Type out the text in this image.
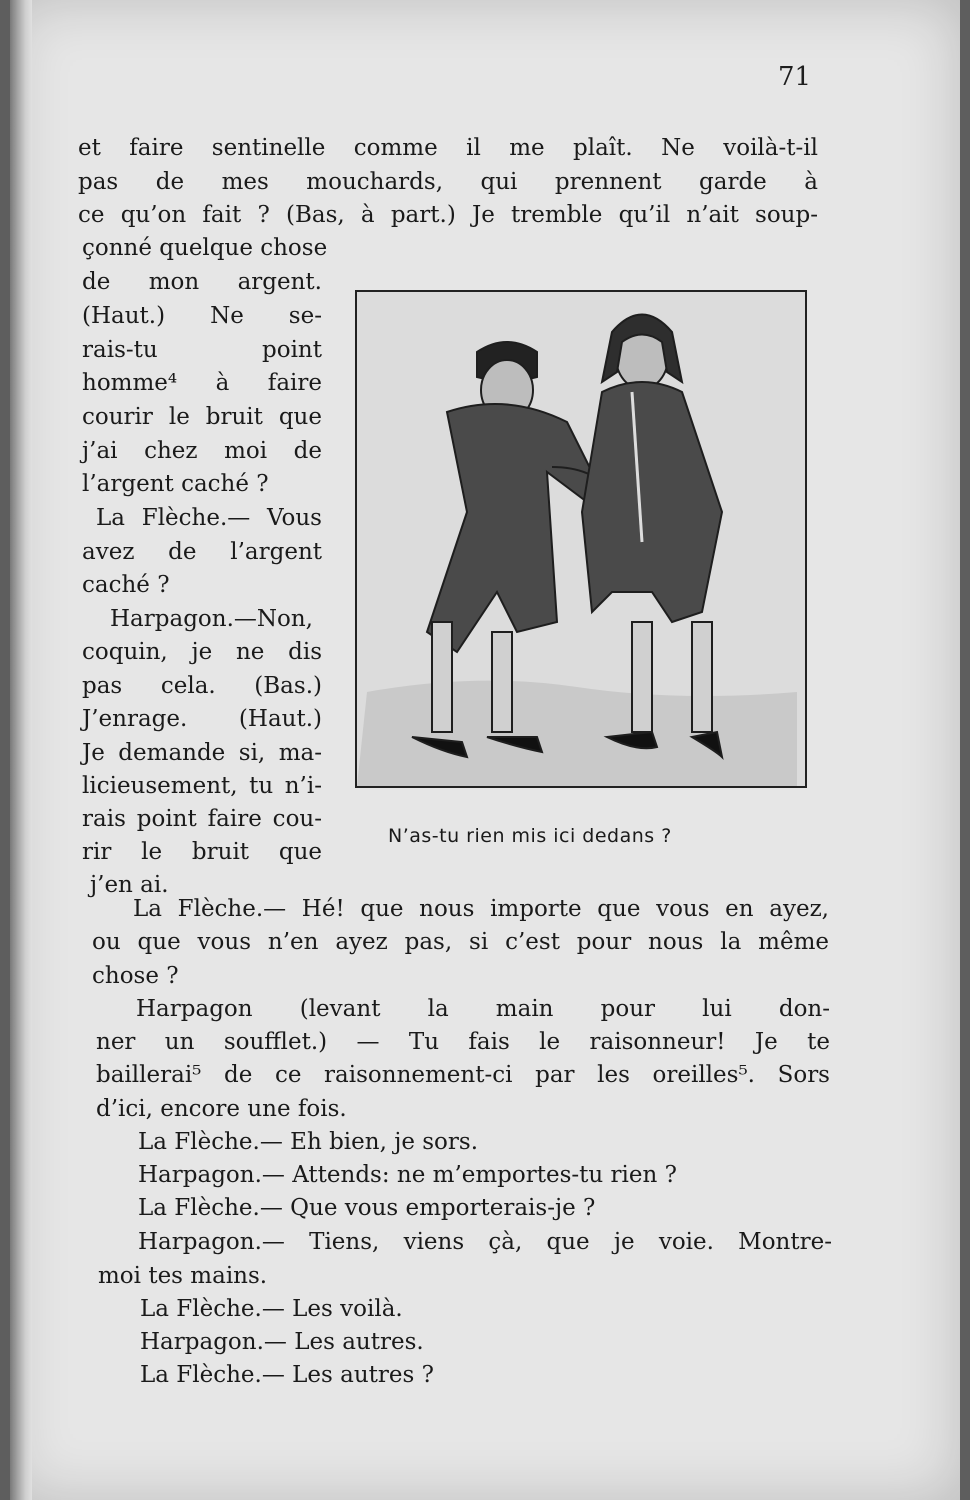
71
et faire sentinelle comme il me plaît. Ne voilà-t-il
pas de mes mouchards, qui prennent garde à
ce qu’on fait ? (Bas, à part.) Je tremble qu’il n’ait soup-
çonné quelque chose
de mon argent.
(Haut.) Ne se-
rais-tu point
homme⁴ à faire
courir le bruit que
j’ai chez moi de
l’argent caché ?
La Flèche.— Vous
avez de l’argent
caché ?
Harpagon.—Non,
coquin, je ne dis
pas cela. (Bas.)
J’enrage. (Haut.)
Je demande si, ma-
licieusement, tu n’i-
rais point faire cou-
rir le bruit que
j’en ai.
N’as-tu rien mis ici dedans ?
La Flèche.— Hé! que nous importe que vous en ayez,
ou que vous n’en ayez pas, si c’est pour nous la même
chose ?
Harpagon (levant la main pour lui don-
ner un soufflet.) — Tu fais le raisonneur! Je te
baillerai⁵ de ce raisonnement-ci par les oreilles⁵. Sors
d’ici, encore une fois.
La Flèche.— Eh bien, je sors.
Harpagon.— Attends: ne m’emportes-tu rien ?
La Flèche.— Que vous emporterais-je ?
Harpagon.— Tiens, viens çà, que je voie. Montre-
moi tes mains.
La Flèche.— Les voilà.
Harpagon.— Les autres.
La Flèche.— Les autres ?
